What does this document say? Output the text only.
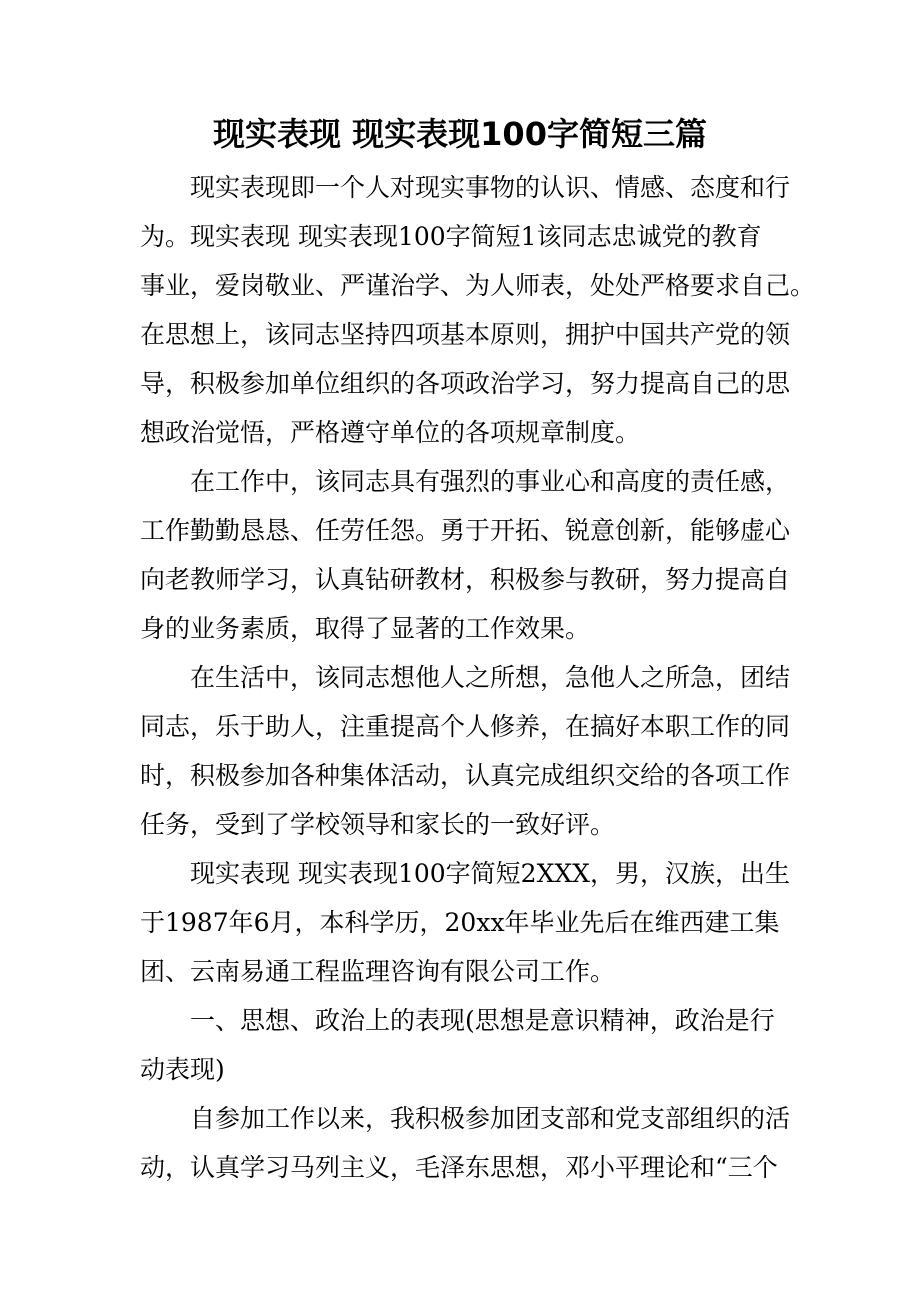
现实表现 现实表现100字简短三篇

现实表现即一个人对现实事物的认识、情感、态度和行
为。现实表现 现实表现100字简短1该同志忠诚党的教育
事业，爱岗敬业、严谨治学、为人师表，处处严格要求自己。
在思想上，该同志坚持四项基本原则，拥护中国共产党的领
导，积极参加单位组织的各项政治学习，努力提高自己的思
想政治觉悟，严格遵守单位的各项规章制度。

在工作中，该同志具有强烈的事业心和高度的责任感，
工作勤勤恳恳、任劳任怨。勇于开拓、锐意创新，能够虚心
向老教师学习，认真钻研教材，积极参与教研，努力提高自
身的业务素质，取得了显著的工作效果。

在生活中，该同志想他人之所想，急他人之所急，团结
同志，乐于助人，注重提高个人修养，在搞好本职工作的同
时，积极参加各种集体活动，认真完成组织交给的各项工作
任务，受到了学校领导和家长的一致好评。

现实表现 现实表现100字简短2XXX，男，汉族，出生
于1987年6月，本科学历，20xx年毕业先后在维西建工集
团、云南易通工程监理咨询有限公司工作。

一、思想、政治上的表现(思想是意识精神，政治是行
动表现)

自参加工作以来，我积极参加团支部和党支部组织的活
动，认真学习马列主义，毛泽东思想，邓小平理论和“三个
